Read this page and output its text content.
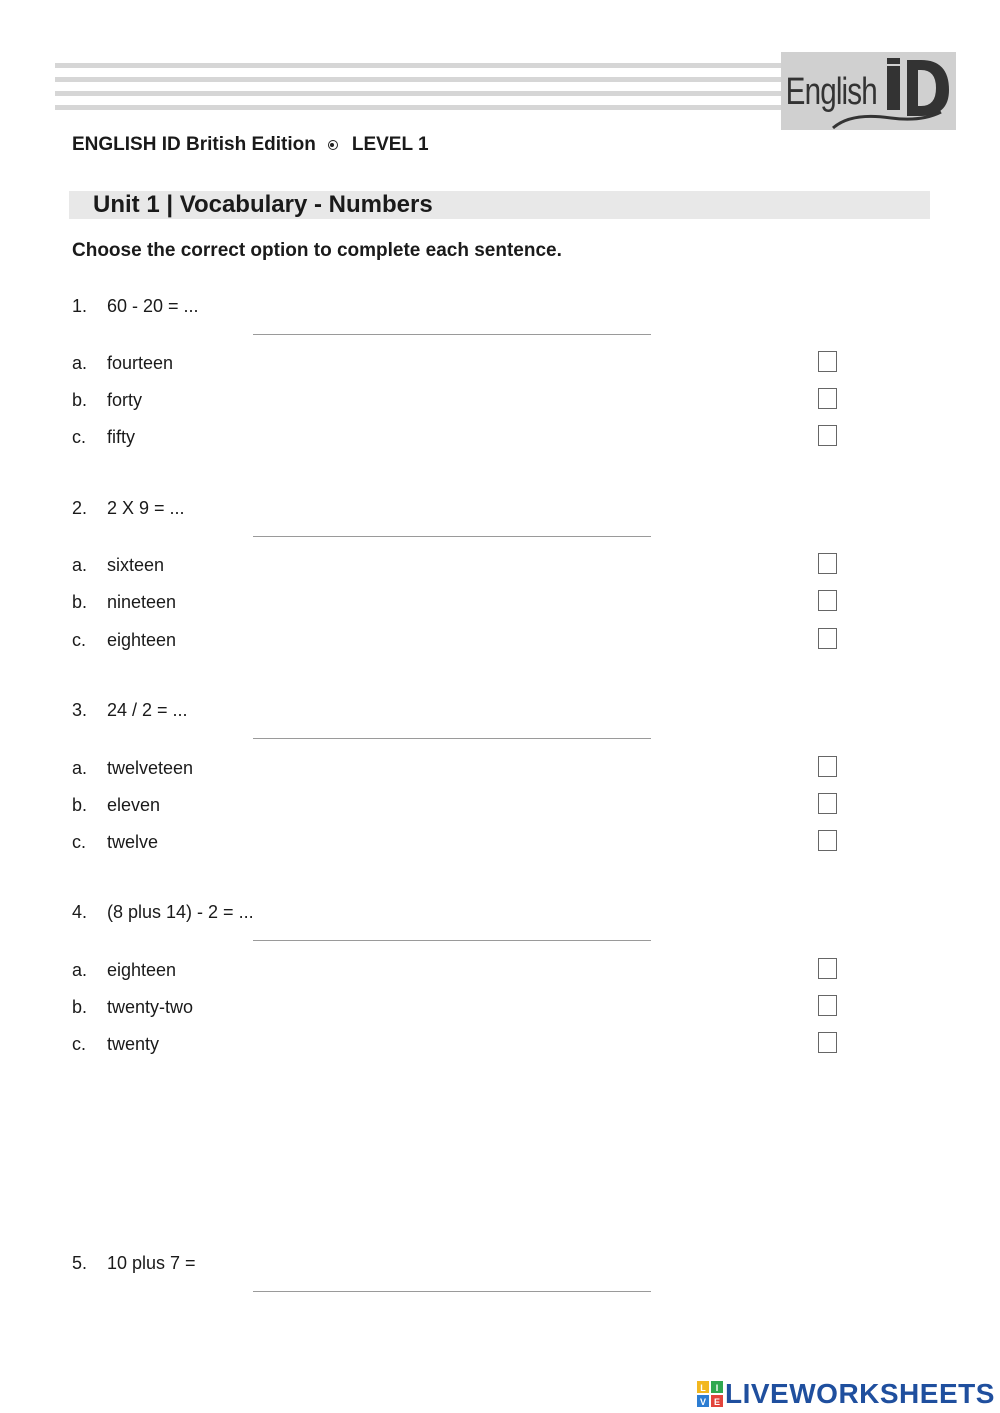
English
ENGLISH ID British Edition LEVEL 1
Unit 1 | Vocabulary - Numbers
Choose the correct option to complete each sentence.
1. 60 - 20 = ...
a. fourteen
b. forty
c. fifty
2. 2 X 9 = ...
a. sixteen
b. nineteen
c. eighteen
3. 24 / 2 = ...
a. twelveteen
b. eleven
c. twelve
4. (8 plus 14) - 2 = ...
a. eighteen
b. twenty-two
c. twenty
5. 10 plus 7 =
L I
V E LIVEWORKSHEETS
